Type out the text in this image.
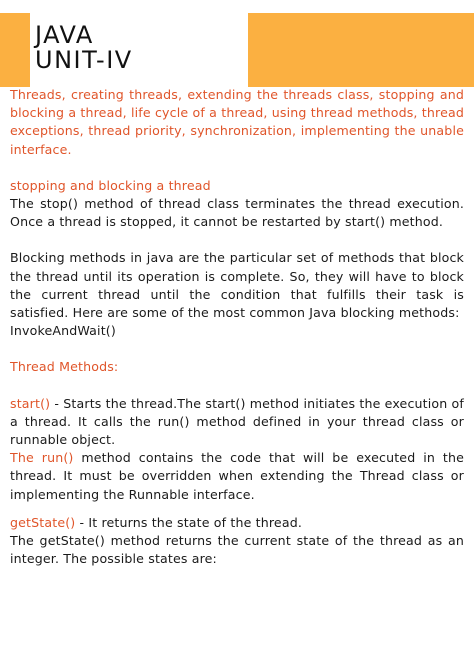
JAVA
UNIT-IV

Threads, creating threads, extending the threads class, stopping and blocking a thread, life cycle of a thread, using thread methods, thread exceptions, thread priority, synchronization, implementing the unable interface.

stopping and blocking a thread

The stop() method of thread class terminates the thread execution. Once a thread is stopped, it cannot be restarted by start() method.

Blocking methods in java are the particular set of methods that block the thread until its operation is complete. So, they will have to block the current thread until the condition that fulfills their task is satisfied. Here are some of the most common Java blocking methods:

InvokeAndWait()

Thread Methods:

start() - Starts the thread.The start() method initiates the execution of a thread. It calls the run() method defined in your thread class or runnable object.

The run() method contains the code that will be executed in the thread. It must be overridden when extending the Thread class or implementing the Runnable interface.

getState() - It returns the state of the thread.

The getState() method returns the current state of the thread as an integer. The possible states are:
